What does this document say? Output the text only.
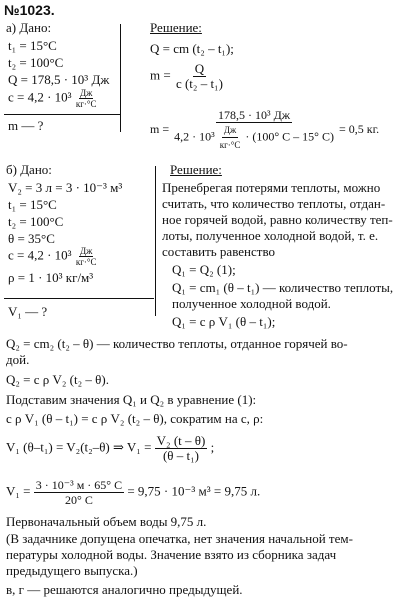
№1023.
а) Дано:
t₁ = 15°C
t₂ = 100°C
Q = 178,5 · 10³ Дж
$c = 4,2 \cdot 10^3 \frac{Дж}{кг\cdot^\circ C}$
m — ?
Решение:
Q = cm (t₂ – t₁);
$m = \frac{Q}{\text{c (t₂ – t₁)}}$
m =
178,5 · 10³ Дж
$4,2 \cdot 10^3 \frac{Дж}{кг\cdot^\circ C} \cdot (100^\circ$ C – 15° C)
= 0,5 кг.
б) Дано:
V₂ = 3 л = 3 · 10⁻³ м³
t₁ = 15°C
t₂ = 100°C
θ = 35°C
$c = 4,2 \cdot 10^3 \frac{Дж}{кг\cdot^\circ C}$
ρ = 1 · 10³ кг/м³
V₁ — ?
Решение:
Пренебрегая потерями теплоты, можно
считать, что количество теплоты, отдан-
ное горячей водой, равно количеству теп-
лоты, полученное холодной водой, т. е.
составить равенство
Q₁ = Q₂ (1);
Q₁ = cm₁ (θ – t₁) — количество теплоты,
полученное холодной водой.
Q₁ = c ρ V₁ (θ – t₁);
Q₂ = cm₂ (t₂ – θ) — количество теплоты, отданное горячей во-
дой.
Q₂ = c ρ V₂ (t₂ – θ).
Подставим значения Q₁ и Q₂ в уравнение (1):
c ρ V₁ (θ – t₁) = c ρ V₂ (t₂ – θ), сократим на c, ρ:
V₁ (θ–t₁) = V₂(t₂–θ) ⇒ $V_1 = \frac{\text{V₂ (t – θ)}}{\text{(θ – t₁)}}$ ;
V₁ = 3 · 10⁻³ м · 65° C
20° C
= 9,75 · 10⁻³ м³ = 9,75 л.
Первоначальный объем воды 9,75 л.
(В задачнике допущена опечатка, нет значения начальной тем-
пературы холодной воды. Значение взято из сборника задач
предыдущего выпуска.)
в, г — решаются аналогично предыдущей.
